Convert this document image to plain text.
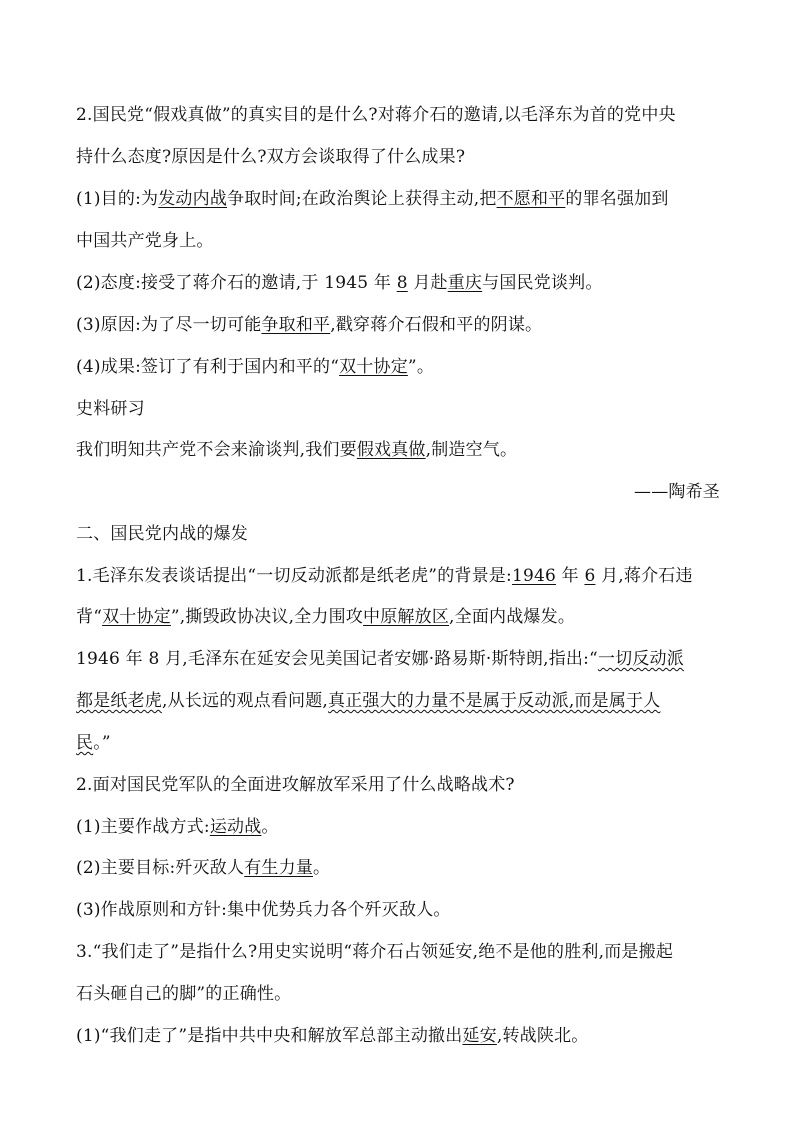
2.国民党“假戏真做”的真实目的是什么?对蒋介石的邀请,以毛泽东为首的党中央
持什么态度?原因是什么?双方会谈取得了什么成果?
(1)目的:为发动内战争取时间;在政治舆论上获得主动,把不愿和平的罪名强加到
中国共产党身上。
(2)态度:接受了蒋介石的邀请,于 1945 年 8 月赴重庆与国民党谈判。
(3)原因:为了尽一切可能争取和平,戳穿蒋介石假和平的阴谋。
(4)成果:签订了有利于国内和平的“双十协定”。
史料研习
我们明知共产党不会来渝谈判,我们要假戏真做,制造空气。
——陶希圣
二、国民党内战的爆发
1.毛泽东发表谈话提出“一切反动派都是纸老虎”的背景是:1946 年 6 月,蒋介石违
背“双十协定”,撕毁政协决议,全力围攻中原解放区,全面内战爆发。
1946 年 8 月,毛泽东在延安会见美国记者安娜·路易斯·斯特朗,指出:“一切反动派
都是纸老虎,从长远的观点看问题,真正强大的力量不是属于反动派,而是属于人
民。”
2.面对国民党军队的全面进攻解放军采用了什么战略战术?
(1)主要作战方式:运动战。
(2)主要目标:歼灭敌人有生力量。
(3)作战原则和方针:集中优势兵力各个歼灭敌人。
3.“我们走了”是指什么?用史实说明“蒋介石占领延安,绝不是他的胜利,而是搬起
石头砸自己的脚”的正确性。
(1)“我们走了”是指中共中央和解放军总部主动撤出延安,转战陕北。
